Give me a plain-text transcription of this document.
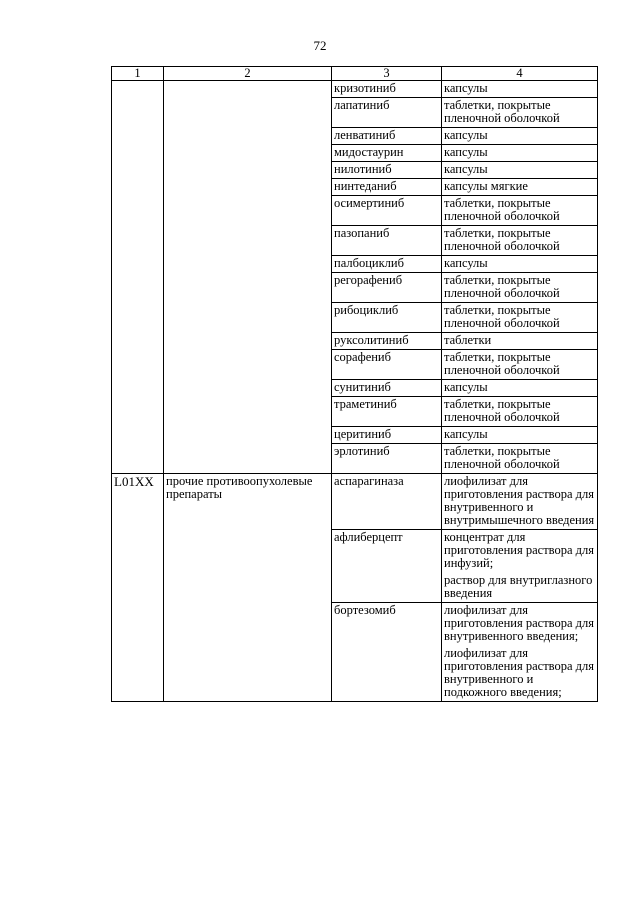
72
1	2	3	4
		кризотиниб	капсулы

		лапатиниб	таблетки, покрытые пленочной оболочкой

		ленватиниб	капсулы

		мидостаурин	капсулы

		нилотиниб	капсулы

		нинтеданиб	капсулы мягкие

		осимертиниб	таблетки, покрытые пленочной оболочкой

		пазопаниб	таблетки, покрытые пленочной оболочкой

		палбоциклиб	капсулы

		регорафениб	таблетки, покрытые пленочной оболочкой

		рибоциклиб	таблетки, покрытые пленочной оболочкой

		руксолитиниб	таблетки

		сорафениб	таблетки, покрытые пленочной оболочкой

		сунитиниб	капсулы

		траметиниб	таблетки, покрытые пленочной оболочкой

		церитиниб	капсулы

		эрлотиниб	таблетки, покрытые пленочной оболочкой

L01XX	прочие противоопухолевые препараты	аспарагиназа	лиофилизат для приготовления раствора для внутривенного и внутримышечного введения

		афлиберцепт	концентрат для приготовления раствора для инфузий;
раствор для внутриглазного введения

		бортезомиб	лиофилизат для приготовления раствора для внутривенного введения;
лиофилизат для приготовления раствора для внутривенного и подкожного введения;
